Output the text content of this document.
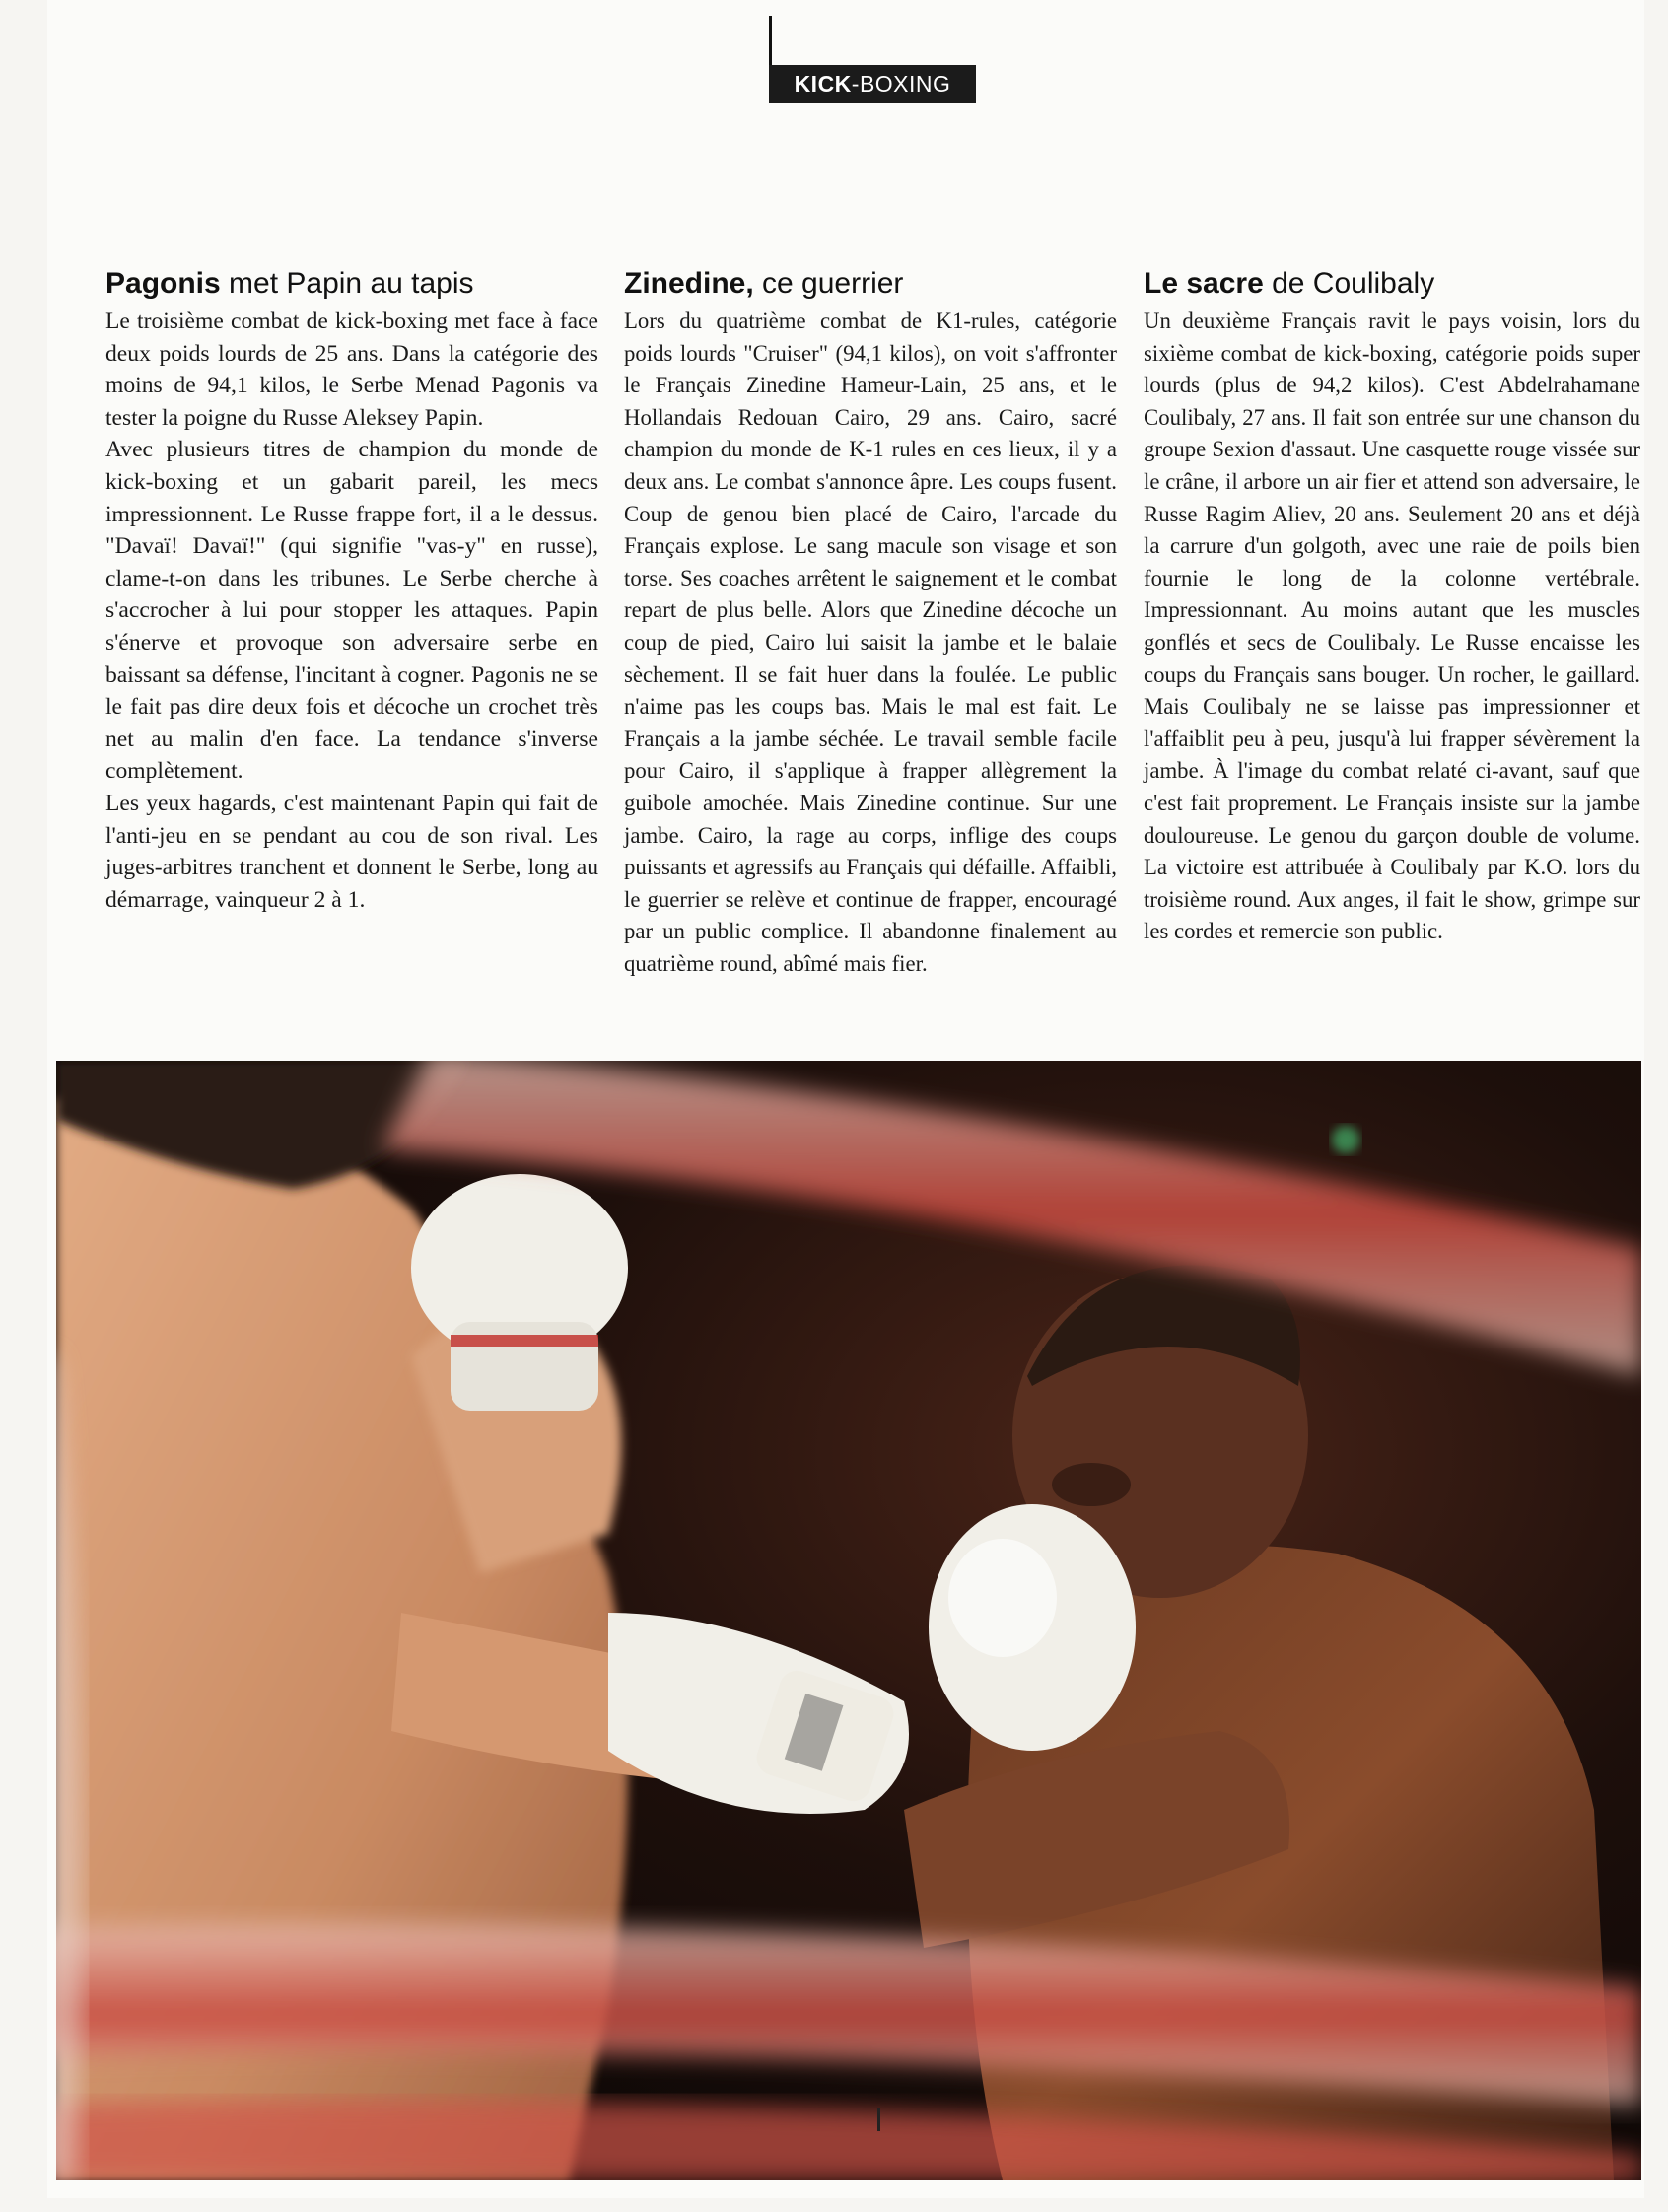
KICK -BOXING
Pagonis met Papin au tapis

Le troisième combat de kick-boxing met face à face deux poids lourds de 25 ans. Dans la catégorie des moins de 94,1 kilos, le Serbe Menad Pagonis va tester la poigne du Russe Aleksey Papin.

Avec plusieurs titres de champion du monde de kick-boxing et un gabarit pareil, les mecs impressionnent. Le Russe frappe fort, il a le dessus. "Davaï! Davaï!" (qui signifie "vas-y" en russe), clame-t-on dans les tribunes. Le Serbe cherche à s'accrocher à lui pour stopper les attaques. Papin s'énerve et provoque son adversaire serbe en baissant sa défense, l'incitant à cogner. Pagonis ne se le fait pas dire deux fois et décoche un crochet très net au malin d'en face. La tendance s'inverse complètement.

Les yeux hagards, c'est maintenant Papin qui fait de l'anti-jeu en se pendant au cou de son rival. Les juges-arbitres tranchent et donnent le Serbe, long au démarrage, vainqueur 2 à 1.

Zinedine, ce guerrier

Lors du quatrième combat de K1-rules, catégorie poids lourds "Cruiser" (94,1 kilos), on voit s'affronter le Français Zinedine Hameur-Lain, 25 ans, et le Hollandais Redouan Cairo, 29 ans. Cairo, sacré champion du monde de K-1 rules en ces lieux, il y a deux ans. Le combat s'annonce âpre. Les coups fusent. Coup de genou bien placé de Cairo, l'arcade du Français explose. Le sang macule son visage et son torse. Ses coaches arrêtent le saignement et le combat repart de plus belle. Alors que Zinedine décoche un coup de pied, Cairo lui saisit la jambe et le balaie sèchement. Il se fait huer dans la foulée. Le public n'aime pas les coups bas. Mais le mal est fait. Le Français a la jambe séchée. Le travail semble facile pour Cairo, il s'applique à frapper allègrement la guibole amochée. Mais Zinedine continue. Sur une jambe. Cairo, la rage au corps, inflige des coups puissants et agressifs au Français qui défaille. Affaibli, le guerrier se relève et continue de frapper, encouragé par un public complice. Il abandonne finalement au quatrième round, abîmé mais fier.

Le sacre de Coulibaly

Un deuxième Français ravit le pays voisin, lors du sixième combat de kick-boxing, catégorie poids super lourds (plus de 94,2 kilos). C'est Abdelrahamane Coulibaly, 27 ans. Il fait son entrée sur une chanson du groupe Sexion d'assaut. Une casquette rouge vissée sur le crâne, il arbore un air fier et attend son adversaire, le Russe Ragim Aliev, 20 ans. Seulement 20 ans et déjà la carrure d'un golgoth, avec une raie de poils bien fournie le long de la colonne vertébrale. Impressionnant. Au moins autant que les muscles gonflés et secs de Coulibaly. Le Russe encaisse les coups du Français sans bouger. Un rocher, le gaillard. Mais Coulibaly ne se laisse pas impressionner et l'affaiblit peu à peu, jusqu'à lui frapper sévèrement la jambe. À l'image du combat relaté ci-avant, sauf que c'est fait proprement. Le Français insiste sur la jambe douloureuse. Le genou du garçon double de volume. La victoire est attribuée à Coulibaly par K.O. lors du troisième round. Aux anges, il fait le show, grimpe sur les cordes et remercie son public.
